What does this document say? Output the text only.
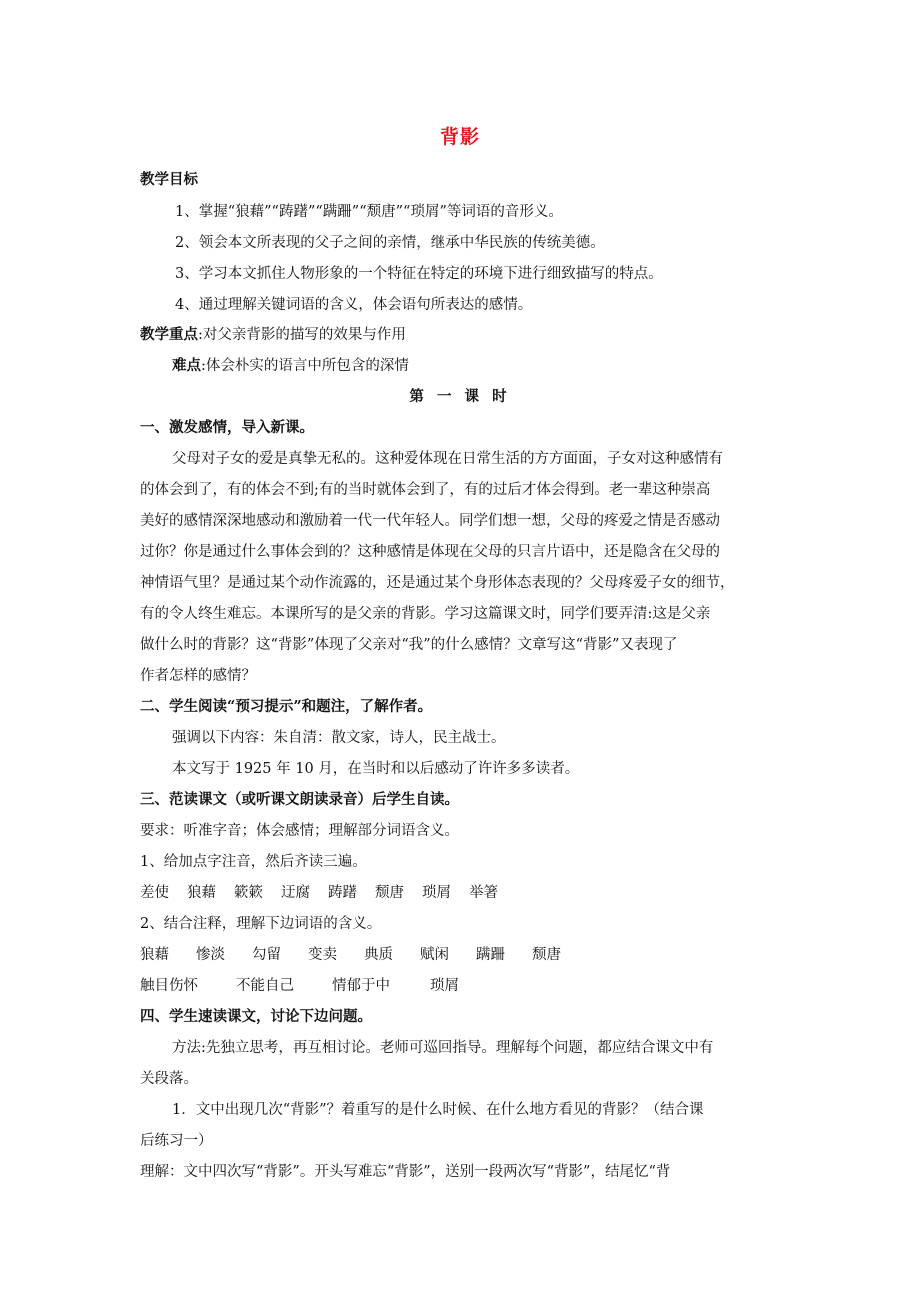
背影
教学目标
1、掌握“狼藉”“踌躇”“蹒跚”“颓唐”“琐屑”等词语的音形义。
2、领会本文所表现的父子之间的亲情，继承中华民族的传统美德。
3、学习本文抓住人物形象的一个特征在特定的环境下进行细致描写的特点。
4、通过理解关键词语的含义，体会语句所表达的感情。
教学重点:对父亲背影的描写的效果与作用
难点:体会朴实的语言中所包含的深情
第 一 课 时
一、激发感情，导入新课。
父母对子女的爱是真挚无私的。这种爱体现在日常生活的方方面面，子女对这种感情有
的体会到了，有的体会不到;有的当时就体会到了，有的过后才体会得到。老一辈这种崇高
美好的感情深深地感动和激励着一代一代年轻人。同学们想一想，父母的疼爱之情是否感动
过你？你是通过什么事体会到的？这种感情是体现在父母的只言片语中，还是隐含在父母的
神情语气里？是通过某个动作流露的，还是通过某个身形体态表现的？父母疼爱子女的细节，
有的令人终生难忘。本课所写的是父亲的背影。学习这篇课文时，同学们要弄清:这是父亲
做什么时的背影？这“背影”体现了父亲对“我”的什么感情？文章写这“背影”又表现了
作者怎样的感情？
二、学生阅读“预习提示”和题注，了解作者。
强调以下内容：朱自清：散文家，诗人，民主战士。
本文写于 1925 年 10 月，在当时和以后感动了许许多多读者。
三、范读课文（或听课文朗读录音）后学生自读。
要求：听准字音；体会感情；理解部分词语含义。
1、给加点字注音，然后齐读三遍。
差使 狼藉 簌簌 迂腐 踌躇 颓唐 琐屑 举箸
2、结合注释，理解下边词语的含义。
狼藉 惨淡 勾留 变卖 典质 赋闲 蹒跚 颓唐
触目伤怀	不能自己	情郁于中	琐屑
四、学生速读课文，讨论下边问题。
方法:先独立思考，再互相讨论。老师可巡回指导。理解每个问题，都应结合课文中有
关段落。
1．文中出现几次“背影”？着重写的是什么时候、在什么地方看见的背影？（结合课
后练习一）
理解：文中四次写“背影”。开头写难忘“背影”，送别一段两次写“背影”，结尾忆“背
